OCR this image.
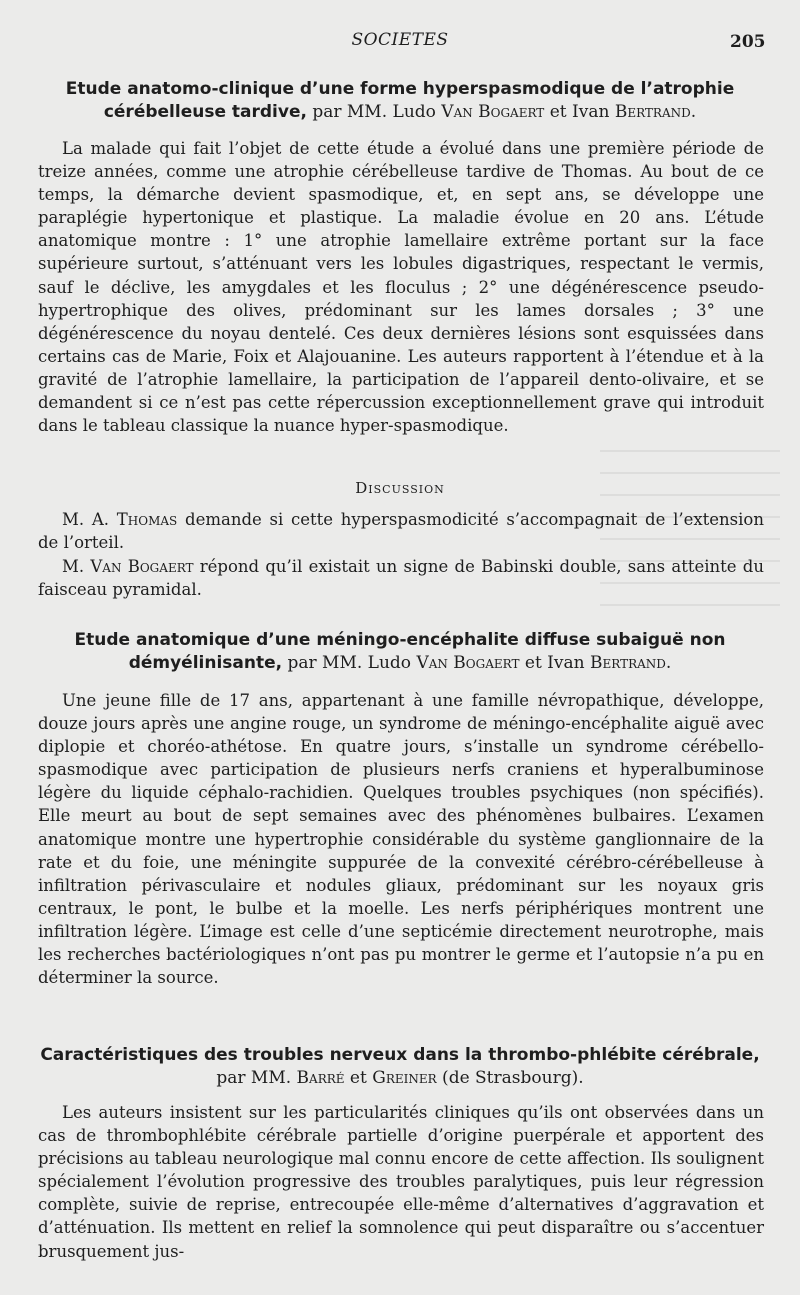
SOCIETES	205
Etude anatomo-clinique d’une forme hyperspasmodique de l’atrophie cérébelleuse tardive, par MM. Ludo Van Bogaert et Ivan Bertrand.

La malade qui fait l’objet de cette étude a évolué dans une première période de treize années, comme une atrophie cérébelleuse tardive de Thomas. Au bout de ce temps, la démarche devient spasmodique, et, en sept ans, se développe une paraplégie hypertonique et plastique. La maladie évolue en 20 ans. L’étude anatomique montre : 1° une atrophie lamellaire extrême portant sur la face supérieure surtout, s’atténuant vers les lobules digastriques, respectant le vermis, sauf le déclive, les amygdales et les floculus ; 2° une dégénérescence pseudo-hypertrophique des olives, prédominant sur les lames dorsales ; 3° une dégénérescence du noyau dentelé. Ces deux dernières lésions sont esquissées dans certains cas de Marie, Foix et Alajouanine. Les auteurs rapportent à l’étendue et à la gravité de l’atrophie lamellaire, la participation de l’appareil dento-olivaire, et se demandent si ce n’est pas cette répercussion exceptionnellement grave qui introduit dans le tableau classique la nuance hyper-spasmodique.

Discussion

M. A. Thomas demande si cette hyperspasmodicité s’accompagnait de l’extension de l’orteil.

M. Van Bogaert répond qu’il existait un signe de Babinski double, sans atteinte du faisceau pyramidal.

Etude anatomique d’une méningo-encéphalite diffuse subaiguë non démyélinisante, par MM. Ludo Van Bogaert et Ivan Bertrand.

Une jeune fille de 17 ans, appartenant à une famille névropathique, développe, douze jours après une angine rouge, un syndrome de méningo-encéphalite aiguë avec diplopie et choréo-athétose. En quatre jours, s’installe un syndrome cérébello-spasmodique avec participation de plusieurs nerfs craniens et hyperalbuminose légère du liquide céphalo-rachidien. Quelques troubles psychiques (non spécifiés). Elle meurt au bout de sept semaines avec des phénomènes bulbaires. L’examen anatomique montre une hypertrophie considérable du système ganglionnaire de la rate et du foie, une méningite suppurée de la convexité cérébro-cérébelleuse à infiltration périvasculaire et nodules gliaux, prédominant sur les noyaux gris centraux, le pont, le bulbe et la moelle. Les nerfs périphériques montrent une infiltration légère. L’image est celle d’une septicémie directement neurotrophe, mais les recherches bactériologiques n’ont pas pu montrer le germe et l’autopsie n’a pu en déterminer la source.

Caractéristiques des troubles nerveux dans la thrombo-phlébite cérébrale, par MM. Barré et Greiner (de Strasbourg).

Les auteurs insistent sur les particularités cliniques qu’ils ont observées dans un cas de thrombophlébite cérébrale partielle d’origine puerpérale et apportent des précisions au tableau neurologique mal connu encore de cette affection. Ils soulignent spécialement l’évolution progressive des troubles paralytiques, puis leur régression complète, suivie de reprise, entrecoupée elle-même d’alternatives d’aggravation et d’atténuation. Ils mettent en relief la somnolence qui peut disparaître ou s’accentuer brusquement jus-
